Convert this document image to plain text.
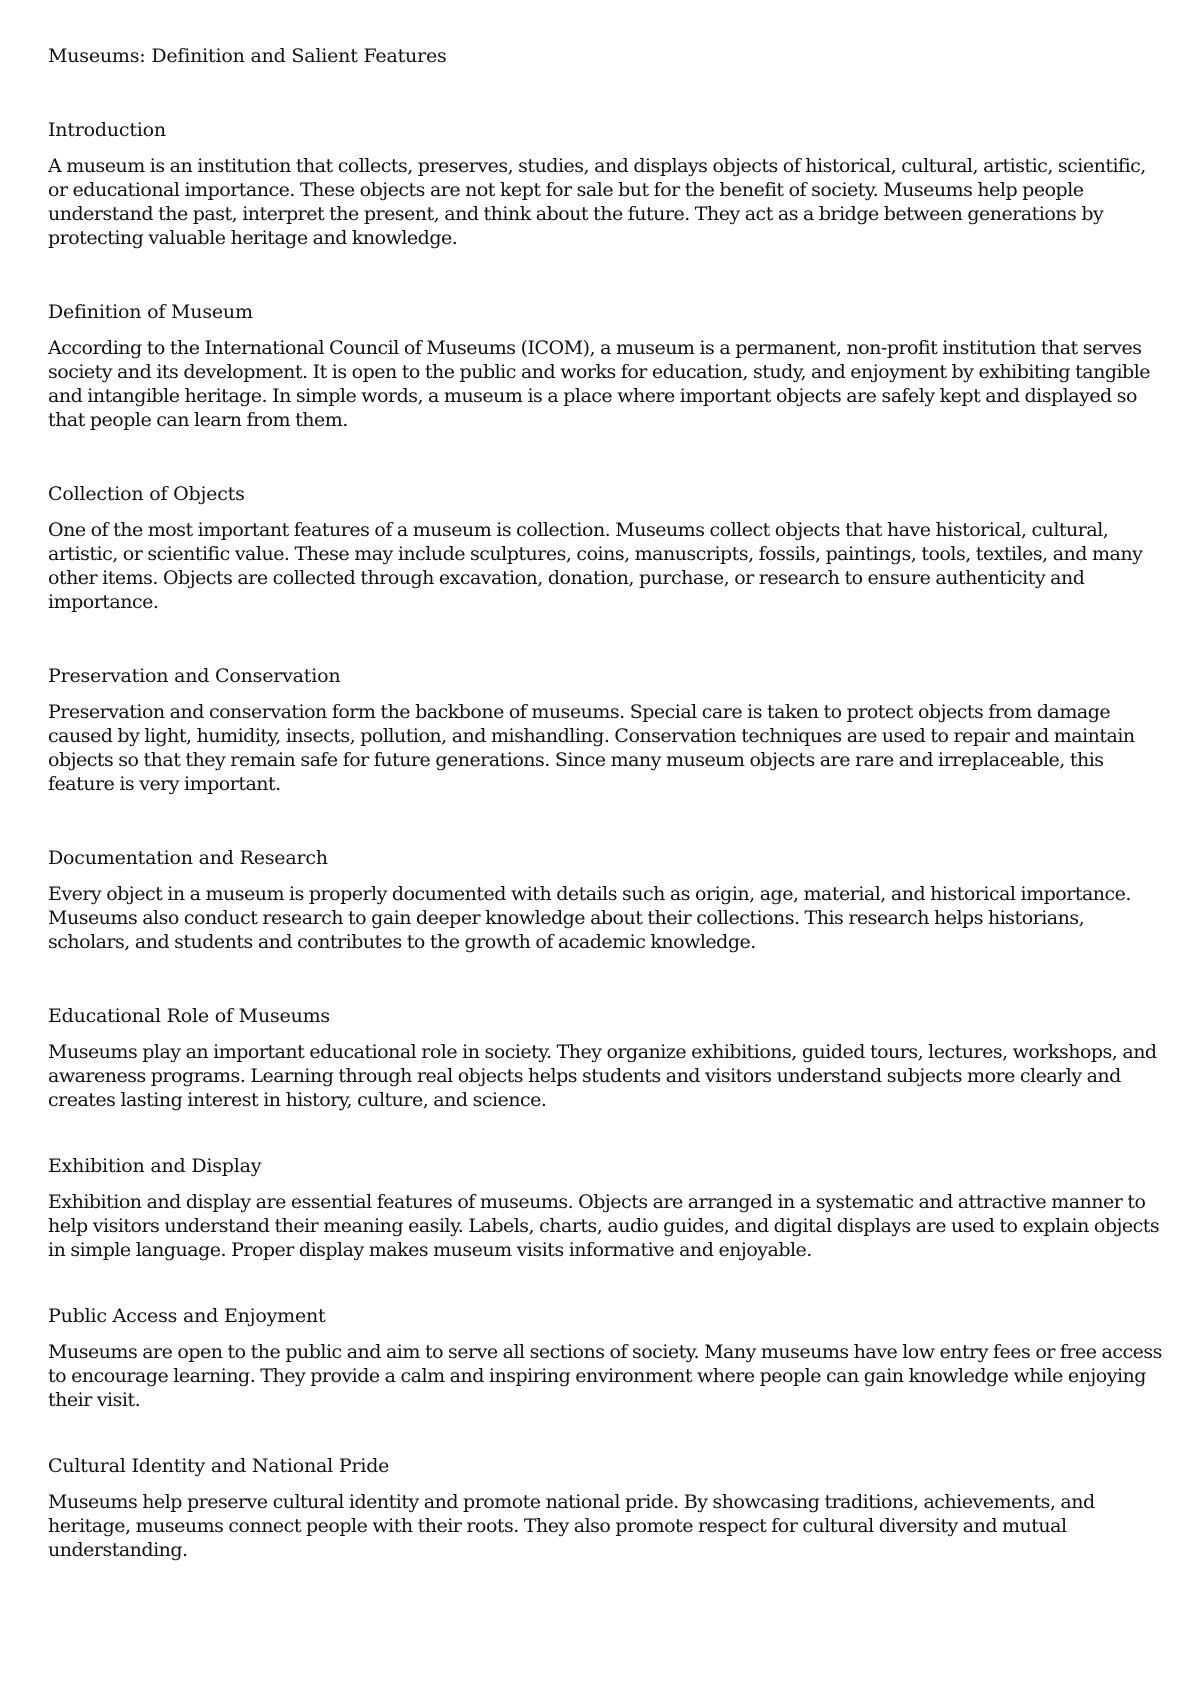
Museums: Definition and Salient Features
Introduction

A museum is an institution that collects, preserves, studies, and displays objects of historical, cultural, artistic, scientific, or educational importance. These objects are not kept for sale but for the benefit of society. Museums help people understand the past, interpret the present, and think about the future. They act as a bridge between generations by protecting valuable heritage and knowledge.

Definition of Museum

According to the International Council of Museums (ICOM), a museum is a permanent, non-profit institution that serves society and its development. It is open to the public and works for education, study, and enjoyment by exhibiting tangible and intangible heritage. In simple words, a museum is a place where important objects are safely kept and displayed so that people can learn from them.

Collection of Objects

One of the most important features of a museum is collection. Museums collect objects that have historical, cultural, artistic, or scientific value. These may include sculptures, coins, manuscripts, fossils, paintings, tools, textiles, and many other items. Objects are collected through excavation, donation, purchase, or research to ensure authenticity and importance.

Preservation and Conservation

Preservation and conservation form the backbone of museums. Special care is taken to protect objects from damage caused by light, humidity, insects, pollution, and mishandling. Conservation techniques are used to repair and maintain objects so that they remain safe for future generations. Since many museum objects are rare and irreplaceable, this feature is very important.

Documentation and Research

Every object in a museum is properly documented with details such as origin, age, material, and historical importance. Museums also conduct research to gain deeper knowledge about their collections. This research helps historians, scholars, and students and contributes to the growth of academic knowledge.

Educational Role of Museums

Museums play an important educational role in society. They organize exhibitions, guided tours, lectures, workshops, and awareness programs. Learning through real objects helps students and visitors understand subjects more clearly and creates lasting interest in history, culture, and science.

Exhibition and Display

Exhibition and display are essential features of museums. Objects are arranged in a systematic and attractive manner to help visitors understand their meaning easily. Labels, charts, audio guides, and digital displays are used to explain objects in simple language. Proper display makes museum visits informative and enjoyable.

Public Access and Enjoyment

Museums are open to the public and aim to serve all sections of society. Many museums have low entry fees or free access to encourage learning. They provide a calm and inspiring environment where people can gain knowledge while enjoying their visit.

Cultural Identity and National Pride

Museums help preserve cultural identity and promote national pride. By showcasing traditions, achievements, and heritage, museums connect people with their roots. They also promote respect for cultural diversity and mutual understanding.
